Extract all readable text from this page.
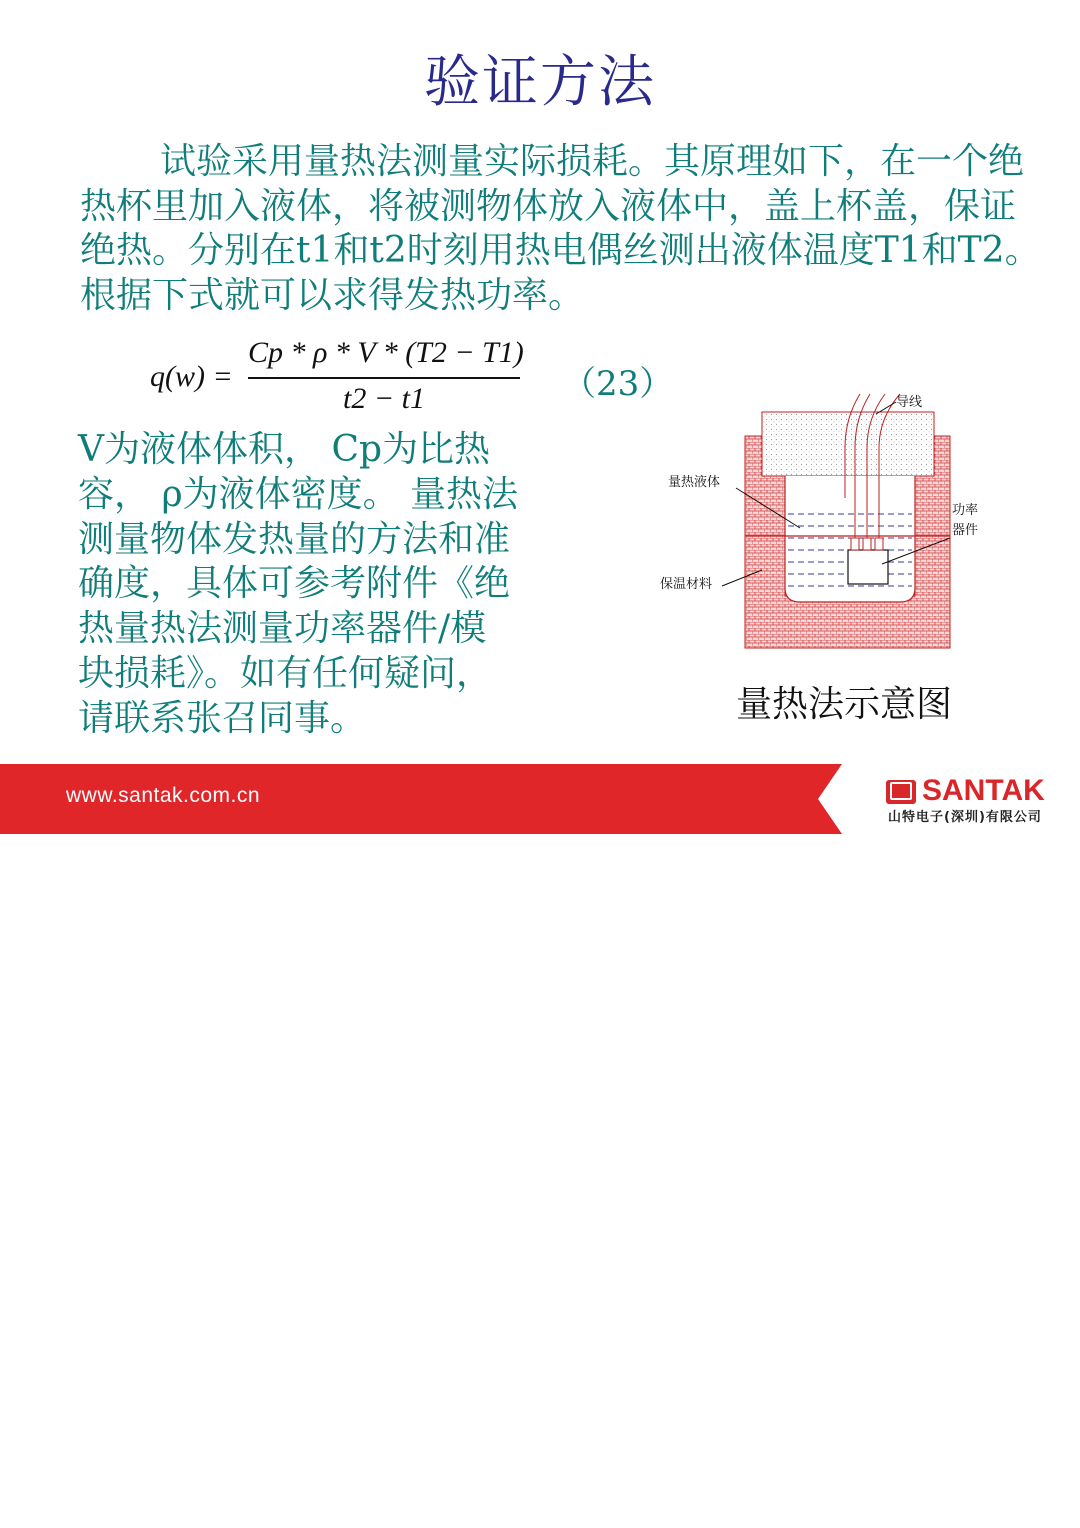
验证方法
试验采用量热法测量实际损耗。其原理如下，在一个绝
热杯里加入液体，将被测物体放入液体中，盖上杯盖，保证
绝热。分别在t1和t2时刻用热电偶丝测出液体温度T1和T2。
根据下式就可以求得发热功率。
q(w) =
Cp * ρ * V * (T2 − T1)
t2 − t1	（23）
V为液体体积， Cp为比热
容， ρ为液体密度。 量热法
测量物体发热量的方法和准
确度，具体可参考附件《绝
热量热法测量功率器件/模
块损耗》。如有任何疑问，
请联系张召同事。
导线
量热液体
功率
器件
保温材料
量热法示意图
www.santak.com.cn	SANTAK
山特电子(深圳)有限公司
